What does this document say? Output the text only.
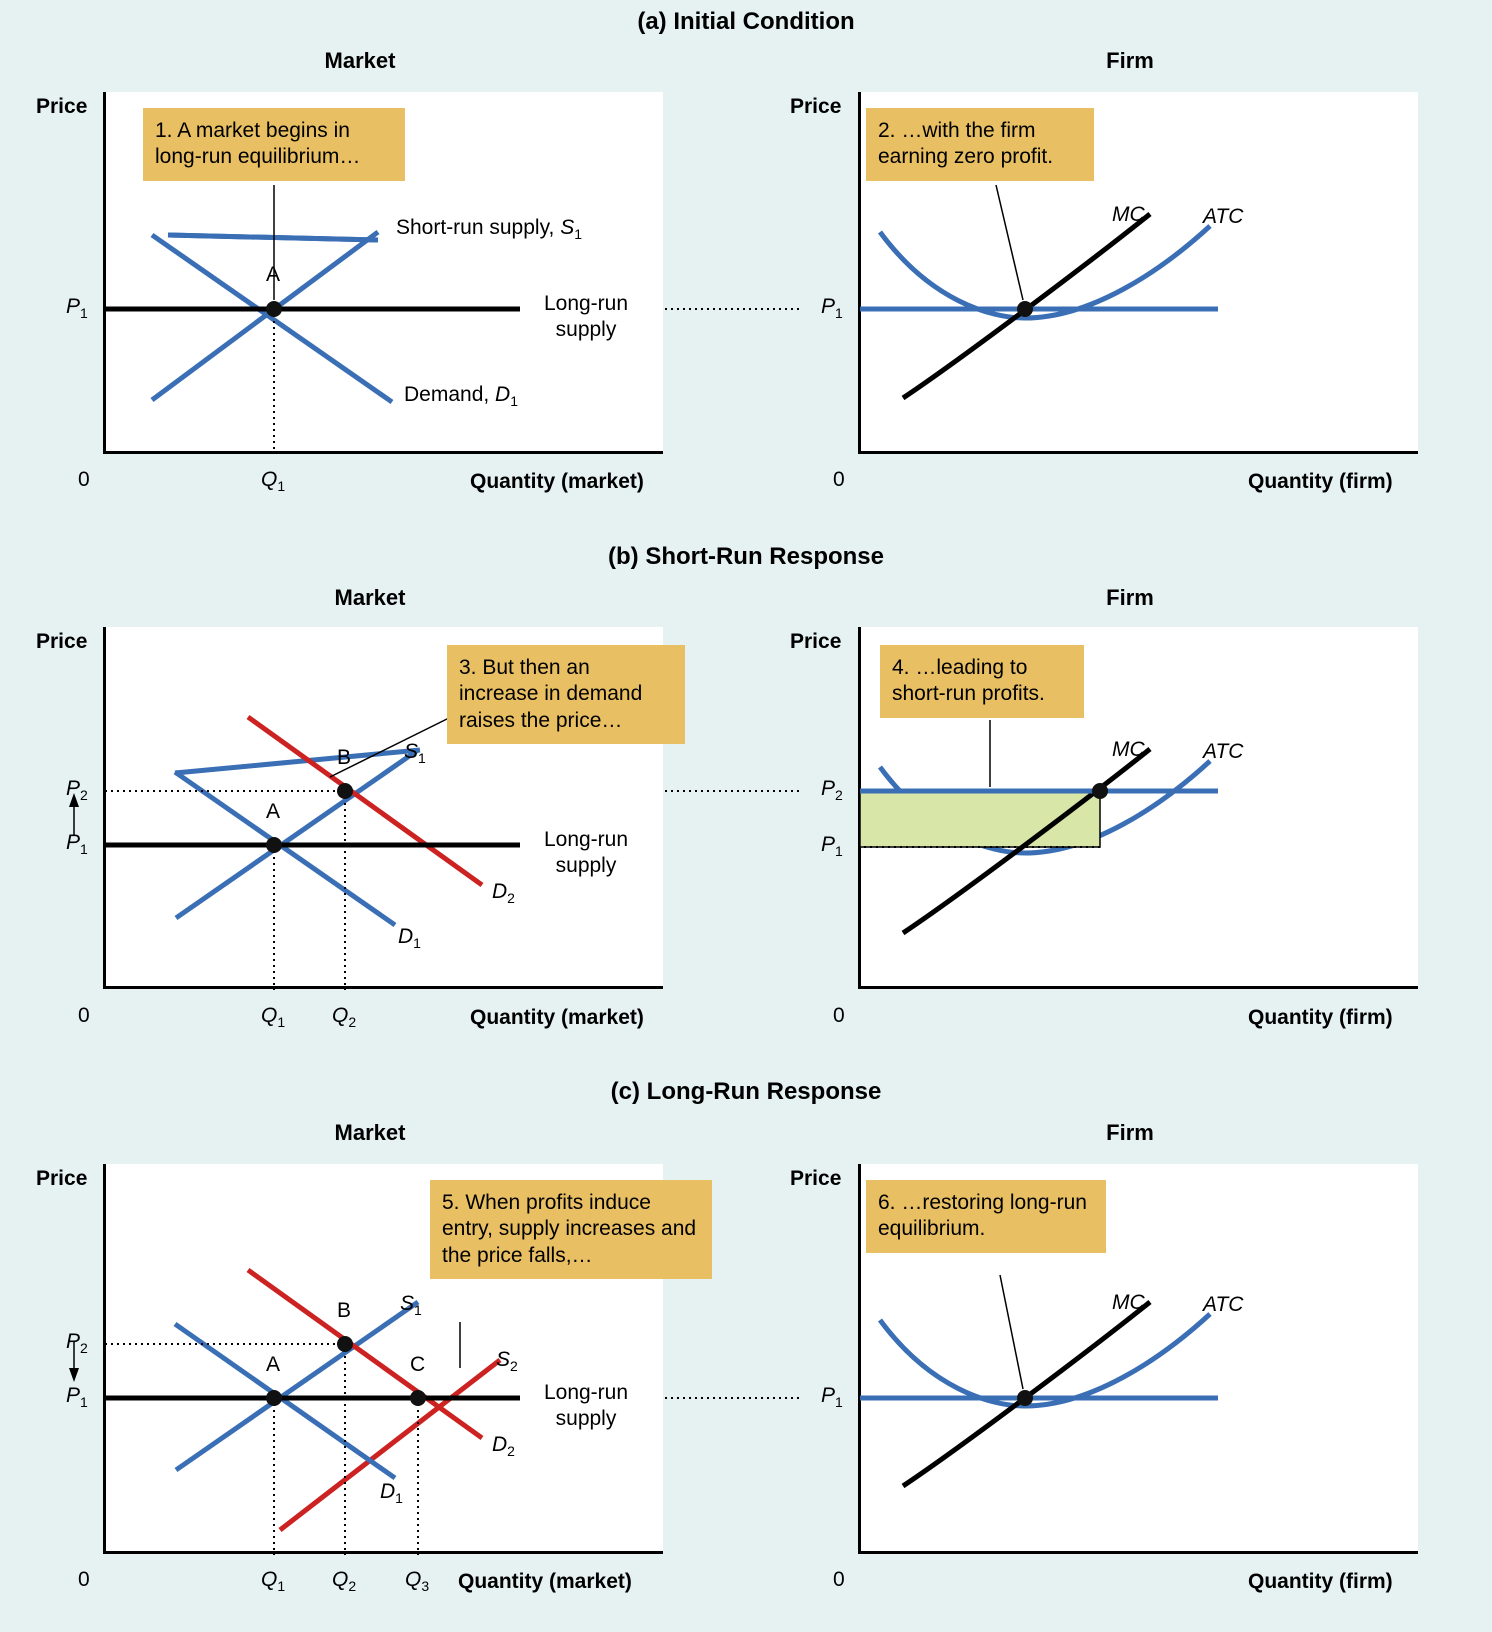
(a) Initial Condition
Market	Firm
Price	Price
1. A market begins in long-run equilibrium…
2. …with the firm earning zero profit.
A
Short-run supply, $S_1$
Long-run
supply
Demand, $D_1$
$P_1$
$Q_1$
0	Quantity (market)
$P_1$
0	Quantity (firm)
MC	ATC
(b) Short-Run Response
Market	Firm
Price	Price
3. But then an increase in demand raises the price…
4. …leading to short-run profits.
A
B	$S_1$
$D_2$
$D_1$
Long-run
supply
$P_2$
$P_1$
$Q_1$ $Q_2$
0	Quantity (market)
$P_2$
$P_1$
0	Quantity (firm)
MC	ATC
(c) Long-Run Response
Market	Firm
Price	Price
5. When profits induce entry, supply increases and the price falls,…
6. …restoring long-run equilibrium.
A
B
C
$S_1$
$S_2$
$D_2$
$D_1$
Long-run
supply
$P_2$
$P_1$
$Q_1$ $Q_2$ $Q_3$
0	Quantity (market)
$P_1$
0	Quantity (firm)
MC	ATC
